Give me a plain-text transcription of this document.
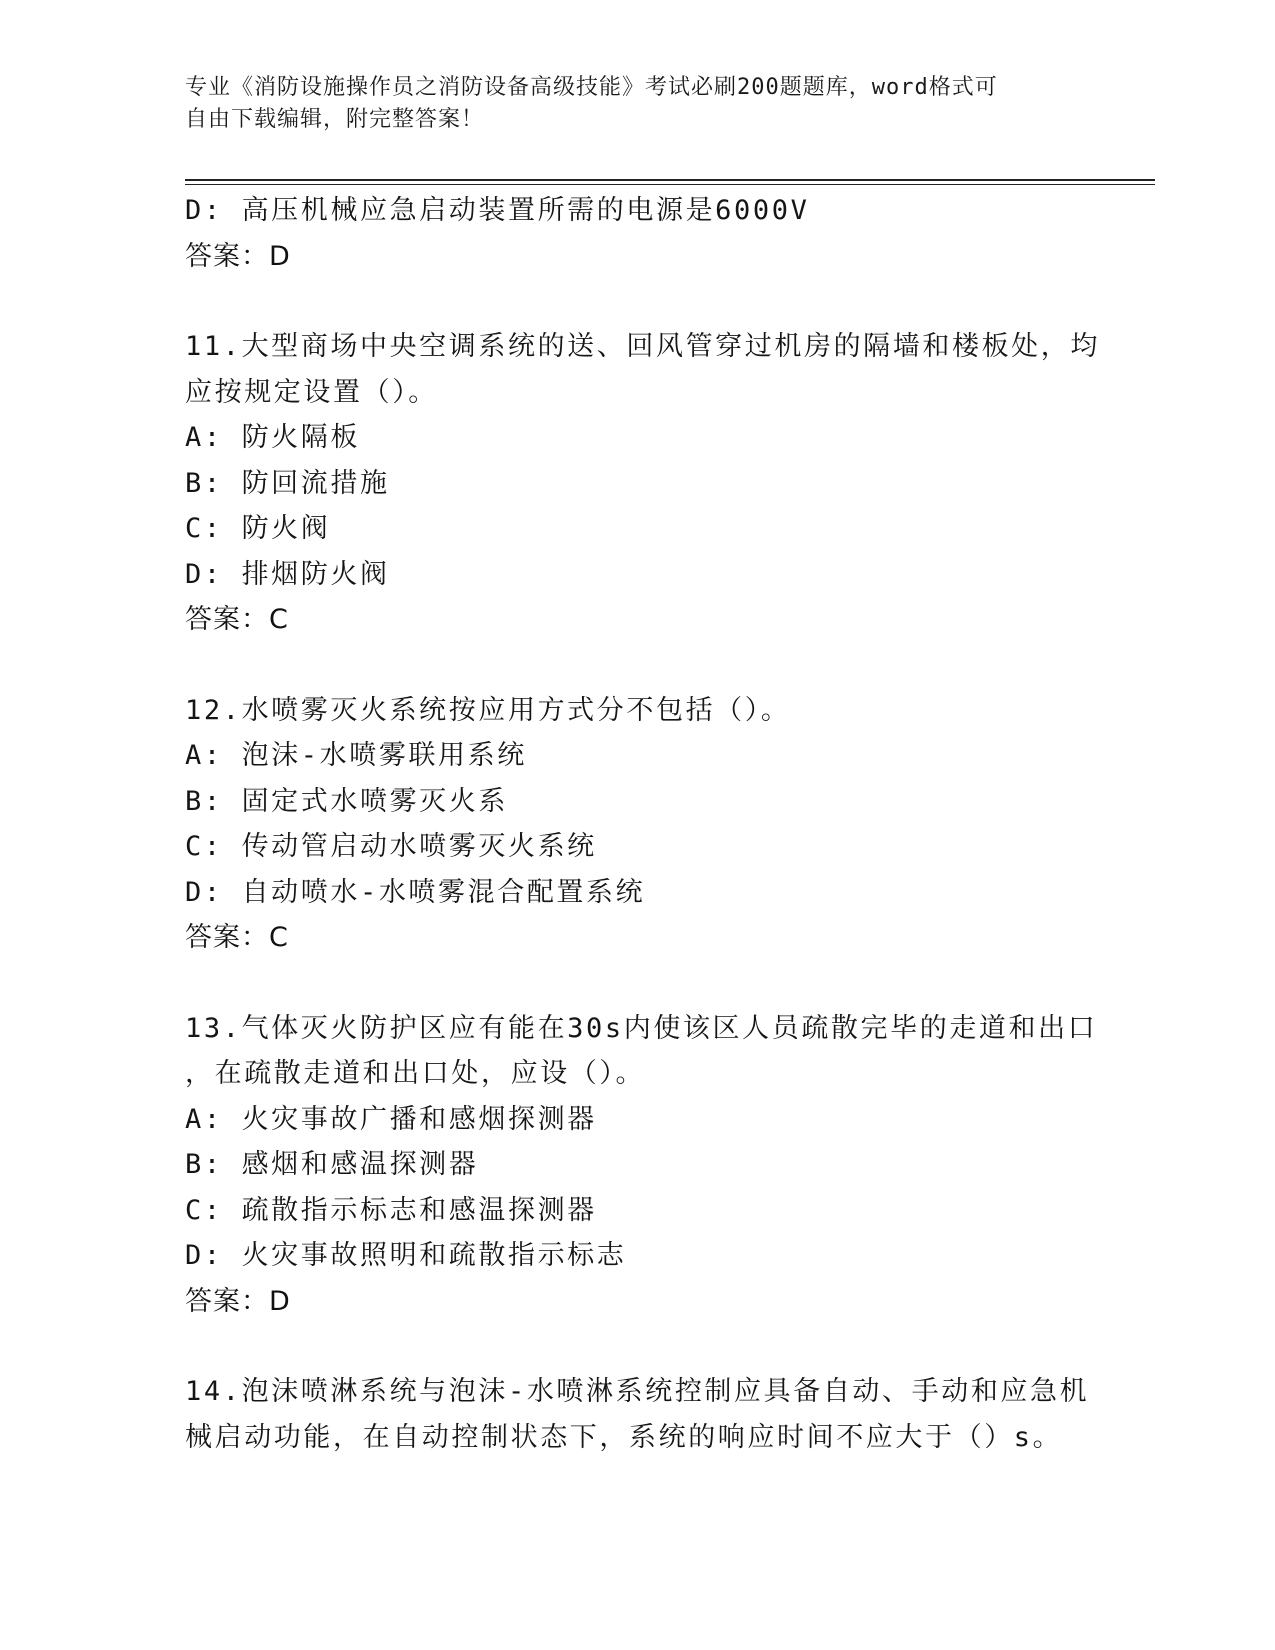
专业《消防设施操作员之消防设备高级技能》考试必刷200题题库，word格式可
自由下载编辑，附完整答案！
D: 高压机械应急启动装置所需的电源是6000V
答案：D
11.大型商场中央空调系统的送、回风管穿过机房的隔墙和楼板处，均
应按规定设置（）。
A: 防火隔板
B: 防回流措施
C: 防火阀
D: 排烟防火阀
答案：C
12.水喷雾灭火系统按应用方式分不包括（）。
A: 泡沫-水喷雾联用系统
B: 固定式水喷雾灭火系
C: 传动管启动水喷雾灭火系统
D: 自动喷水-水喷雾混合配置系统
答案：C
13.气体灭火防护区应有能在30s内使该区人员疏散完毕的走道和出口
，在疏散走道和出口处，应设（）。
A: 火灾事故广播和感烟探测器
B: 感烟和感温探测器
C: 疏散指示标志和感温探测器
D: 火灾事故照明和疏散指示标志
答案：D
14.泡沫喷淋系统与泡沫-水喷淋系统控制应具备自动、手动和应急机
械启动功能，在自动控制状态下，系统的响应时间不应大于（）s。
